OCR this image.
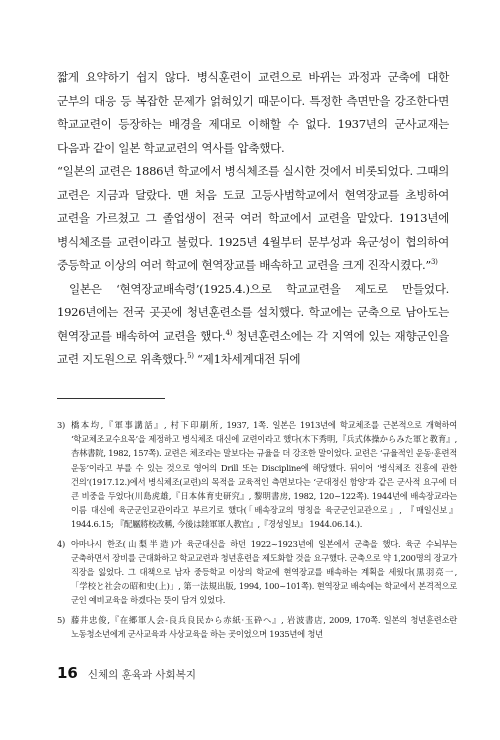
짧게 요약하기 쉽지 않다. 병식훈련이 교련으로 바뀌는 과정과 군축에 대한 군부의 대응 등 복잡한 문제가 얽혀있기 때문이다. 특정한 측면만을 강조한다면 학교교련이 등장하는 배경을 제대로 이해할 수 없다. 1937년의 군사교재는 다음과 같이 일본 학교교련의 역사를 압축했다.

“일본의 교련은 1886년 학교에서 병식체조를 실시한 것에서 비롯되었다. 그때의 교련은 지금과 달랐다. 맨 처음 도쿄 고등사범학교에서 현역장교를 초빙하여 교련을 가르쳤고 그 졸업생이 전국 여러 학교에서 교련을 맡았다. 1913년에 병식체조를 교련이라고 불렀다. 1925년 4월부터 문부성과 육군성이 협의하여 중등학교 이상의 여러 학교에 현역장교를 배속하고 교련을 크게 진작시켰다.”$^{3)}$

일본은 ‘현역장교배속령’(1925.4.)으로 학교교련을 제도로 만들었다. 1926년에는 전국 곳곳에 청년훈련소를 설치했다. 학교에는 군축으로 남아도는 현역장교를 배속하여 교련을 했다.$^{4)}$ 청년훈련소에는 각 지역에 있는 재향군인을 교련 지도원으로 위촉했다.$^{5)}$ “제1차세계대전 뒤에

3) 橋本均,『軍事講話』, 村下印刷所, 1937, 1쪽. 일본은 1913년에 학교체조를 근본적으로 개혁하여 ‘학교체조교수요목’을 제정하고 병식체조 대신에 교련이라고 했다(木下秀明,『兵式体操からみた軍と教育』, 杏林書院, 1982, 157쪽). 교련은 체조라는 말보다는 규율을 더 강조한 말이었다. 교련은 ‘규율적인 운동·훈련적 운동’이라고 부를 수 있는 것으로 영어의 Drill 또는 Discipline에 해당했다. 뒤이어 ‘병식체조 진흥에 관한 건의’(1917.12.)에서 병식체조(교련)의 목적을 교육적인 측면보다는 ‘군대정신 함양’과 같은 군사적 요구에 더 큰 비중을 두었다(川島虎雄,『日本体育史研究』, 黎明書房, 1982, 120~122쪽). 1944년에 배속장교라는 이름 대신에 육군군인교관이라고 부르기로 했다(「배속장교의 명칭을 육군군인교관으로」, 『매일신보』 1944.6.15; 『配屬將校改稱, 今後は陸軍軍人教官』,『경성일보』 1944.06.14.).
4) 아마나시 한조(山梨半造)가 육군대신을 하던 1922~1923년에 일본에서 군축을 했다. 육군 수뇌부는 군축하면서 장비를 근대화하고 학교교련과 청년훈련을 제도화할 것을 요구했다. 군축으로 약 1,200명의 장교가 직장을 잃었다. 그 대책으로 남자 중등학교 이상의 학교에 현역장교를 배속하는 계획을 세웠다(黒羽亮一,「学校と社会の昭和史(上)」, 第一法規出版, 1994, 100~101쪽). 현역장교 배속에는 학교에서 본격적으로 군인 예비교육을 하겠다는 뜻이 담겨 있었다.
5) 藤井忠俊,『在郷軍人会-良兵良民から赤紙·玉砕へ』, 岩波書店, 2009, 170쪽. 일본의 청년훈련소란 노동청소년에게 군사교육과 사상교육을 하는 곳이었으며 1935년에 청년
16 신체의 훈육과 사회복지
